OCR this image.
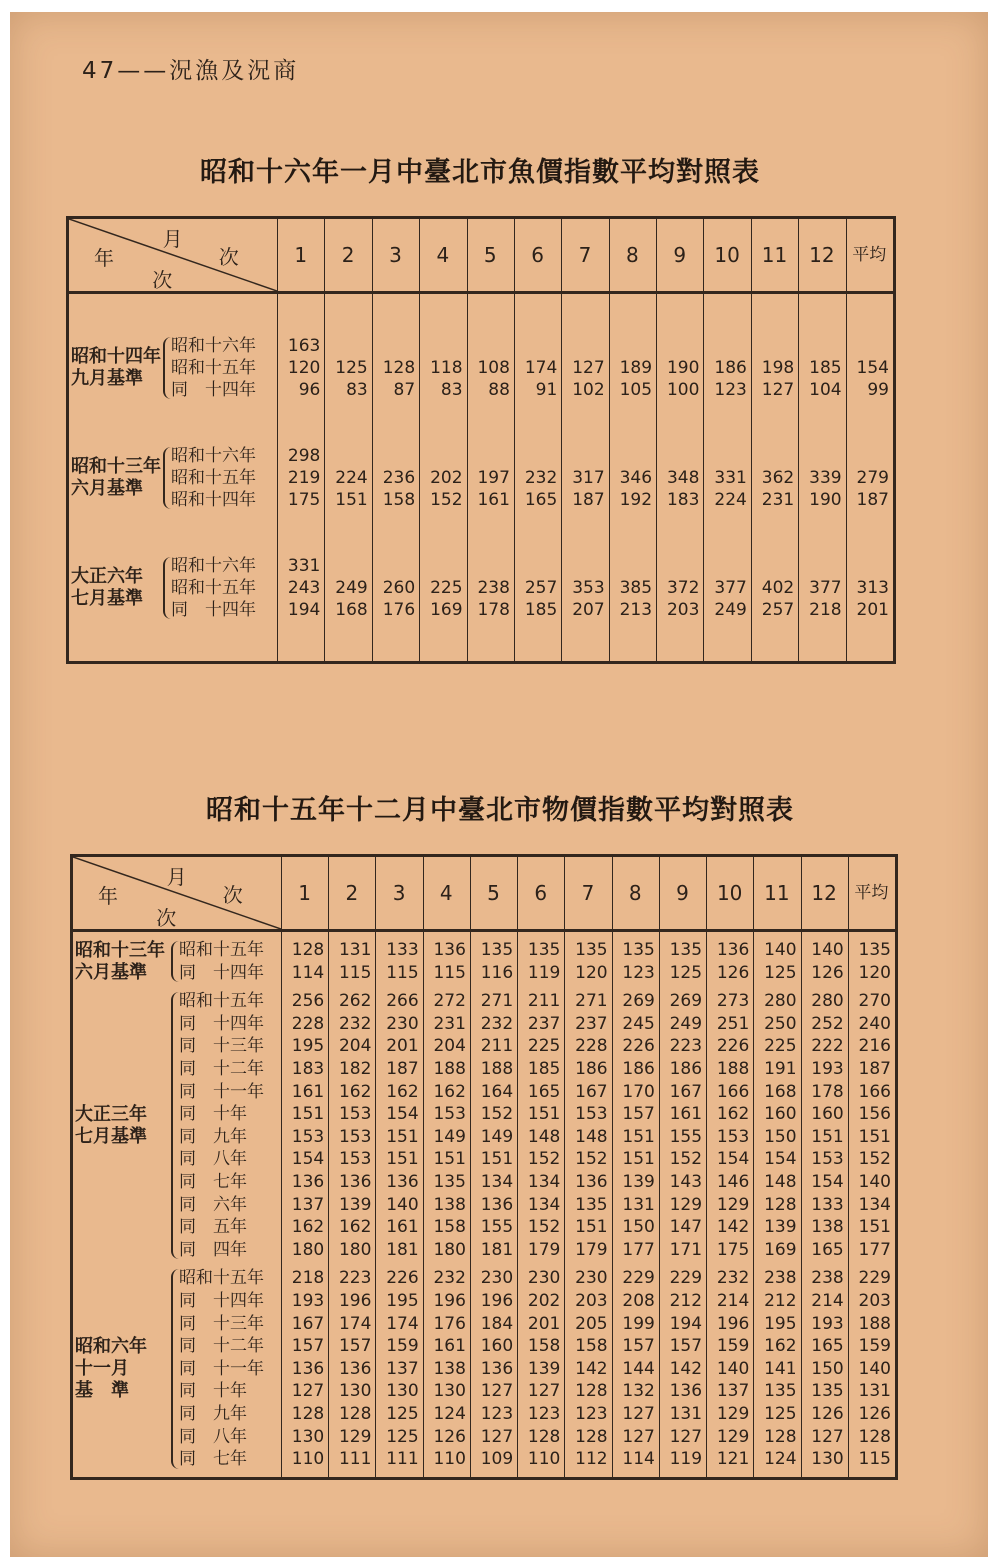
47——況漁及況商
昭和十六年一月中臺北市魚價指數平均對照表
昭和十五年十二月中臺北市物價指數平均對照表
月
次
年
次
1	2	3	4	5	6	7	8	9	10	11	12	平均
昭和十四年
九月基準
昭和十六年	163
昭和十五年	120 125 128 118 108 174 127 189 190 186 198 185 154
同　十四年	96	83	87	83	88	91 102 105 100 123 127 104	99
昭和十三年
六月基準
昭和十六年	298
昭和十五年	219 224 236 202 197 232 317 346 348 331 362 339 279
昭和十四年	175 151 158 152 161 165 187 192 183 224 231 190 187
大正六年
七月基準
昭和十六年	331
昭和十五年	243 249 260 225 238 257 353 385 372 377 402 377 313
同　十四年	194 168 176 169 178 185 207 213 203 249 257 218 201
月
次
年
次
1	2	3	4	5	6	7	8	9	10	11	12	平均
昭和十三年
六月基準
昭和十五年	128 131 133 136 135 135 135 135 135 136 140 140 135
同　十四年	114 115 115 115 116 119 120 123 125 126 125 126 120
大正三年
七月基準
昭和十五年	256 262 266 272 271 211 271 269 269 273 280 280 270
同　十四年	228 232 230 231 232 237 237 245 249 251 250 252 240
同　十三年	195 204 201 204 211 225 228 226 223 226 225 222 216
同　十二年	183 182 187 188 188 185 186 186 186 188 191 193 187
同　十一年	161 162 162 162 164 165 167 170 167 166 168 178 166
同　十年	151 153 154 153 152 151 153 157 161 162 160 160 156
同　九年	153 153 151 149 149 148 148 151 155 153 150 151 151
同　八年	154 153 151 151 151 152 152 151 152 154 154 153 152
同　七年	136 136 136 135 134 134 136 139 143 146 148 154 140
同　六年	137 139 140 138 136 134 135 131 129 129 128 133 134
同　五年	162 162 161 158 155 152 151 150 147 142 139 138 151
同　四年	180 180 181 180 181 179 179 177 171 175 169 165 177
昭和六年
十一月
基　準
昭和十五年	218 223 226 232 230 230 230 229 229 232 238 238 229
同　十四年	193 196 195 196 196 202 203 208 212 214 212 214 203
同　十三年	167 174 174 176 184 201 205 199 194 196 195 193 188
同　十二年	157 157 159 161 160 158 158 157 157 159 162 165 159
同　十一年	136 136 137 138 136 139 142 144 142 140 141 150 140
同　十年	127 130 130 130 127 127 128 132 136 137 135 135 131
同　九年	128 128 125 124 123 123 123 127 131 129 125 126 126
同　八年	130 129 125 126 127 128 128 127 127 129 128 127 128
同　七年	110 111 111 110 109 110 112 114 119 121 124 130 115
